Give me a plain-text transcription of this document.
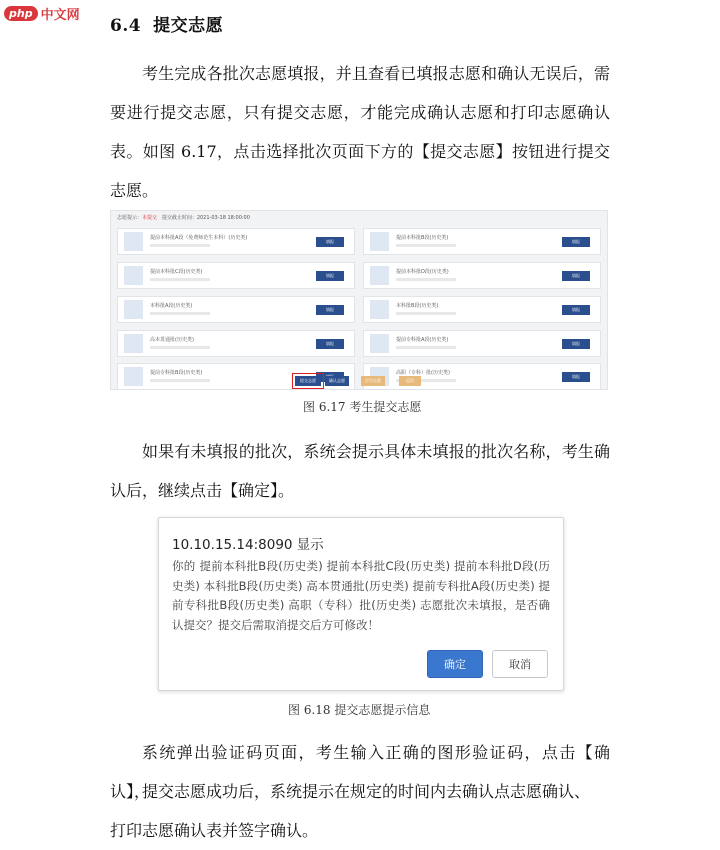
php 中文网
6.4 提交志愿
考生完成各批次志愿填报，并且查看已填报志愿和确认无误后，需要进行提交志愿，只有提交志愿，才能完成确认志愿和打印志愿确认表。如图 6.17，点击选择批次页面下方的【提交志愿】按钮进行提交志愿。
志愿提示：未提交 提交截止时间：2021-03-18 18:00:00
提前本科批A段（免费师范生本科）(历史类)
填报
提前本科批C段(历史类)
填报
本科批A段(历史类)
填报
高本贯通批(历史类)
填报
提前专科批B段(历史类)
提前本科批B段(历史类)
填报
提前本科批D段(历史类)
填报
本科批B段(历史类)
填报
提前专科批A段(历史类)
填报
高职（专科）批(历史类)
填报
提交志愿	确认志愿	打印志愿	返回
图 6.17 考生提交志愿
如果有未填报的批次，系统会提示具体未填报的批次名称，考生确认后，继续点击【确定】。
10.10.15.14:8090 显示
你的 提前本科批B段(历史类) 提前本科批C段(历史类) 提前本科批D段(历史类) 本科批B段(历史类) 高本贯通批(历史类) 提前专科批A段(历史类) 提前专科批B段(历史类) 高职（专科）批(历史类) 志愿批次未填报，是否确认提交？提交后需取消提交后方可修改！
确定	取消
图 6.18 提交志愿提示信息
系统弹出验证码页面，考生输入正确的图形验证码，点击【确认】，
提交志愿成功后，系统提示在规定的时间内去确认点志愿确认、
打印志愿确认表并签字确认。
